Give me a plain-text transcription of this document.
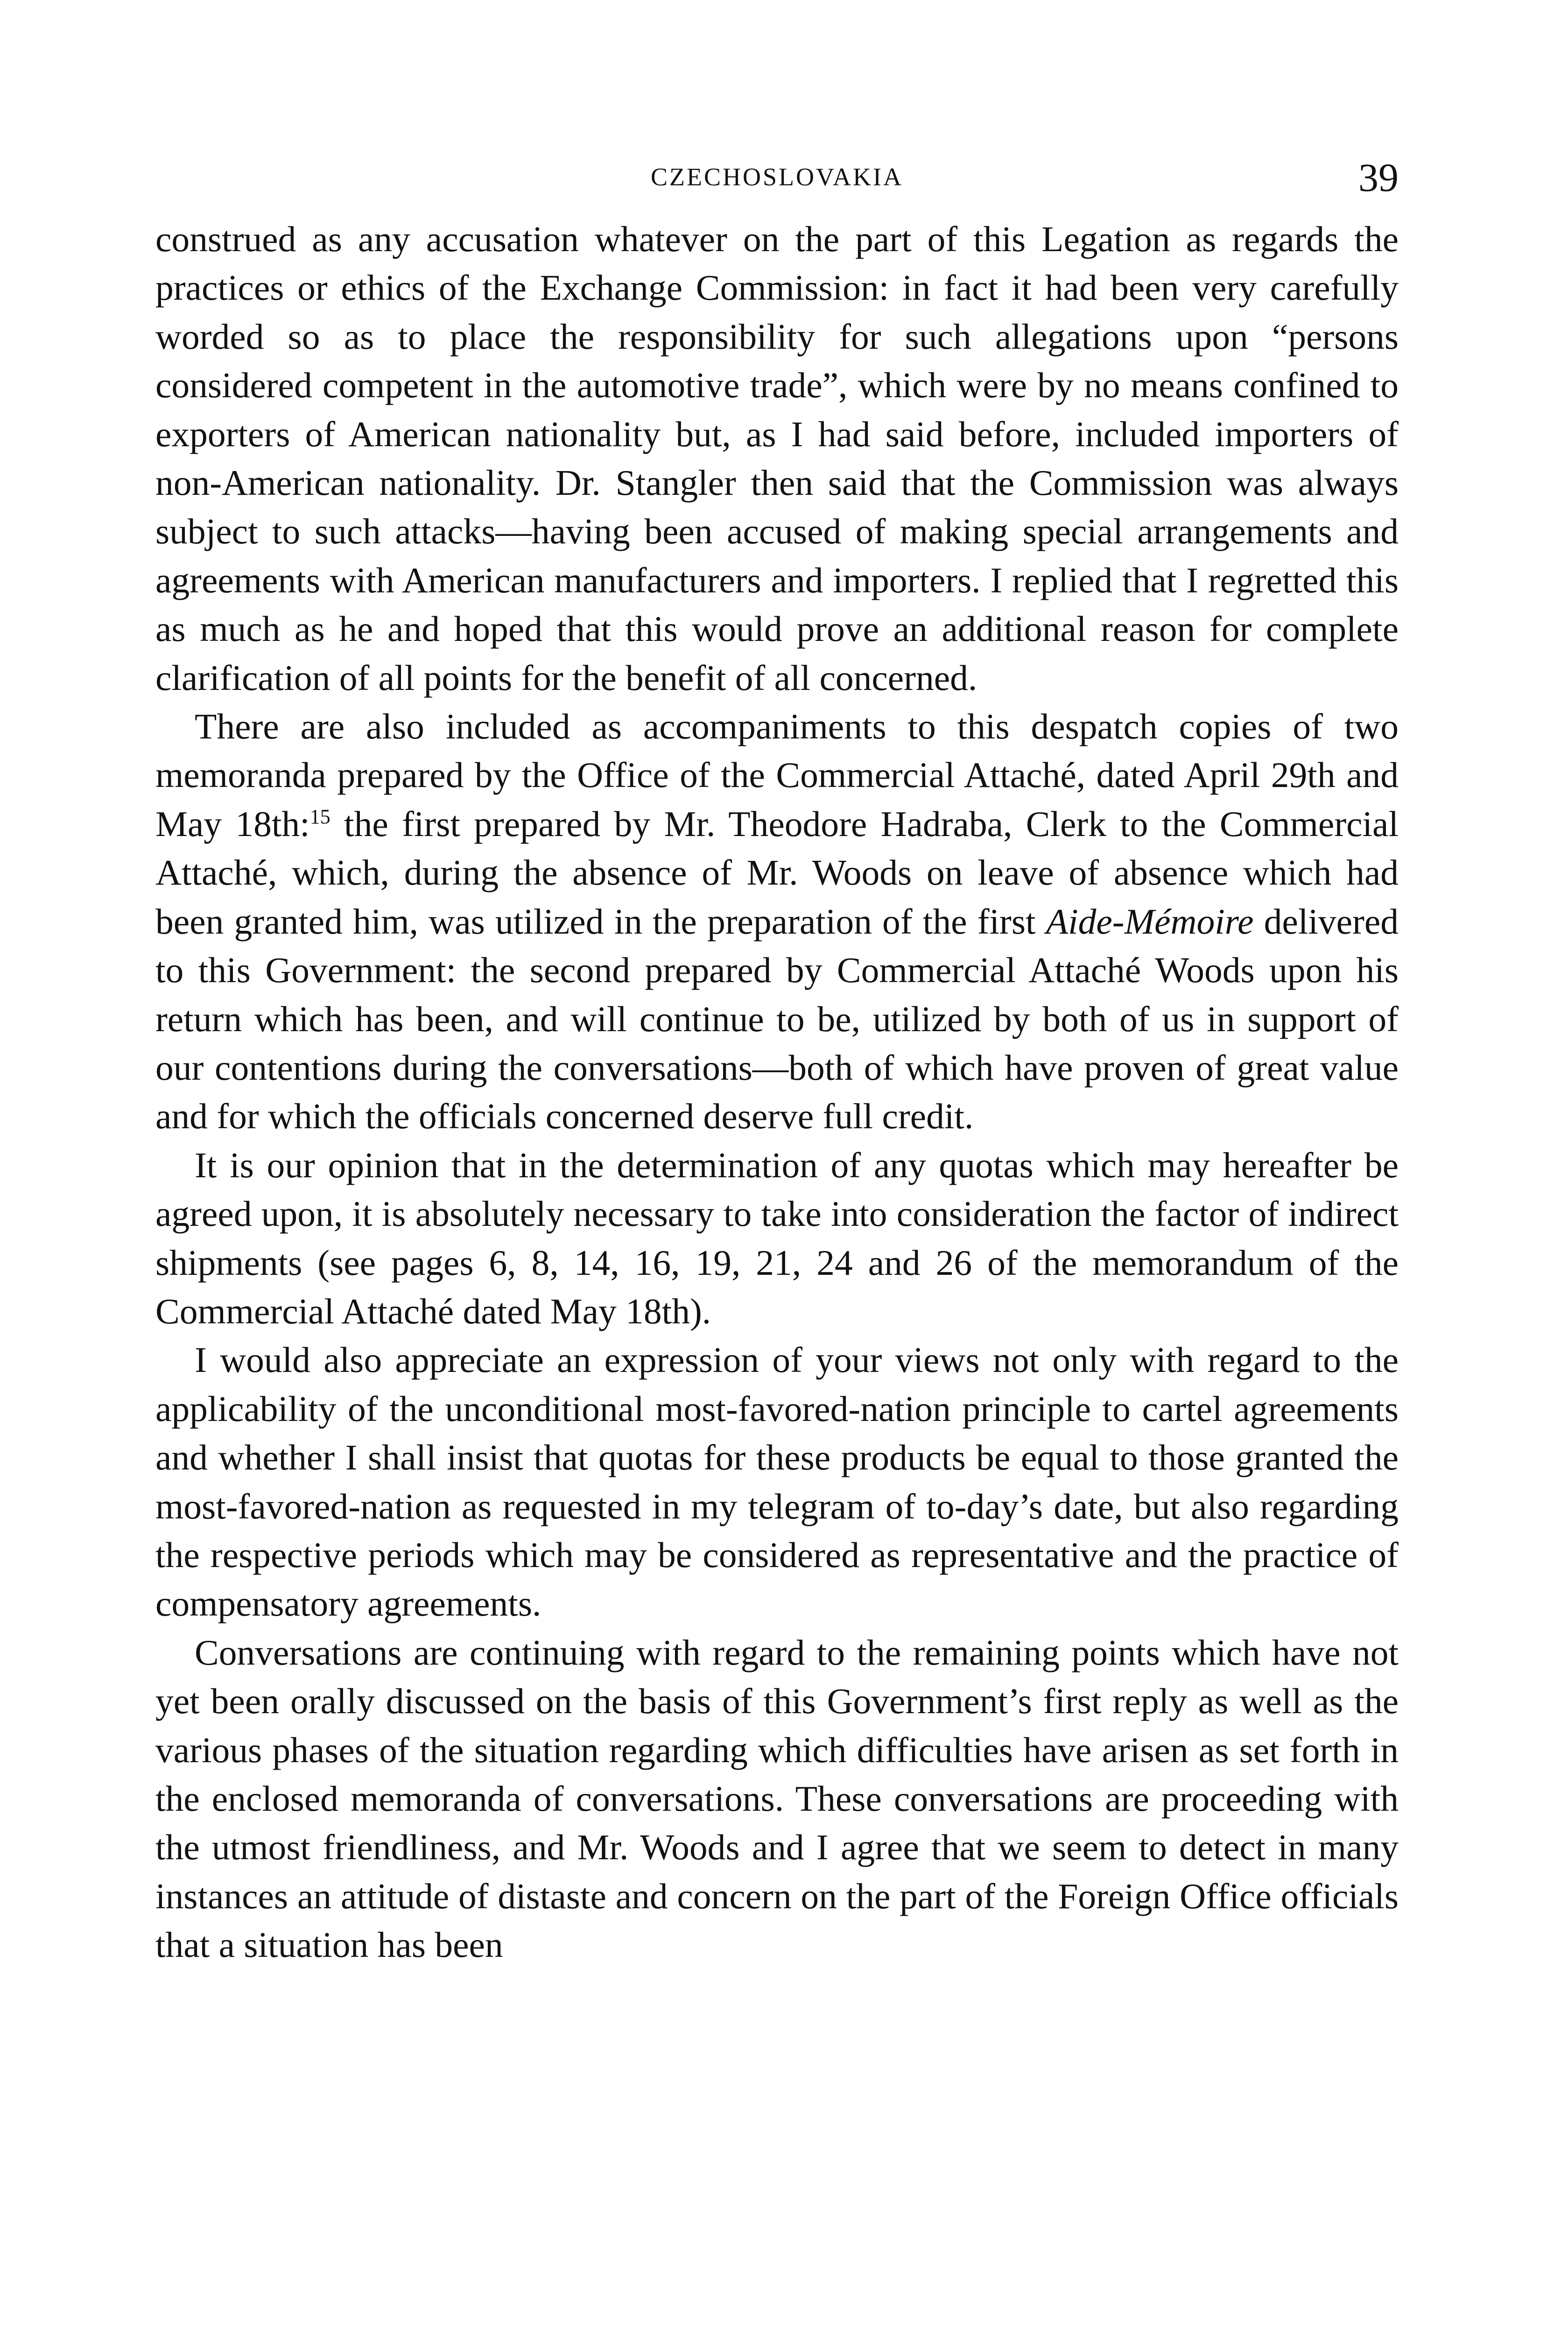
CZECHOSLOVAKIA	39

construed as any accusation whatever on the part of this Legation as regards the practices or ethics of the Exchange Commission: in fact it had been very carefully worded so as to place the responsibility for such allegations upon “persons considered competent in the automotive trade”, which were by no means confined to exporters of American nationality but, as I had said before, included importers of non-American nationality. Dr. Stangler then said that the Commission was always subject to such attacks—having been accused of making special arrangements and agreements with American manufacturers and importers. I replied that I regretted this as much as he and hoped that this would prove an additional reason for complete clarification of all points for the benefit of all concerned.

There are also included as accompaniments to this despatch copies of two memoranda prepared by the Office of the Commercial Attaché, dated April 29th and May 18th:$^{15}$ the first prepared by Mr. Theodore Hadraba, Clerk to the Commercial Attaché, which, during the absence of Mr. Woods on leave of absence which had been granted him, was utilized in the preparation of the first Aide-Mémoire delivered to this Government: the second prepared by Commercial Attaché Woods upon his return which has been, and will continue to be, utilized by both of us in support of our contentions during the conversations—both of which have proven of great value and for which the officials concerned deserve full credit.

It is our opinion that in the determination of any quotas which may hereafter be agreed upon, it is absolutely necessary to take into consideration the factor of indirect shipments (see pages 6, 8, 14, 16, 19, 21, 24 and 26 of the memorandum of the Commercial Attaché dated May 18th).

I would also appreciate an expression of your views not only with regard to the applicability of the unconditional most-favored-nation principle to cartel agreements and whether I shall insist that quotas for these products be equal to those granted the most-favored-nation as requested in my telegram of to-day’s date, but also regarding the respective periods which may be considered as representative and the practice of compensatory agreements.

Conversations are continuing with regard to the remaining points which have not yet been orally discussed on the basis of this Government’s first reply as well as the various phases of the situation regarding which difficulties have arisen as set forth in the enclosed memoranda of conversations. These conversations are proceeding with the utmost friendliness, and Mr. Woods and I agree that we seem to detect in many instances an attitude of distaste and concern on the part of the Foreign Office officials that a situation has been
